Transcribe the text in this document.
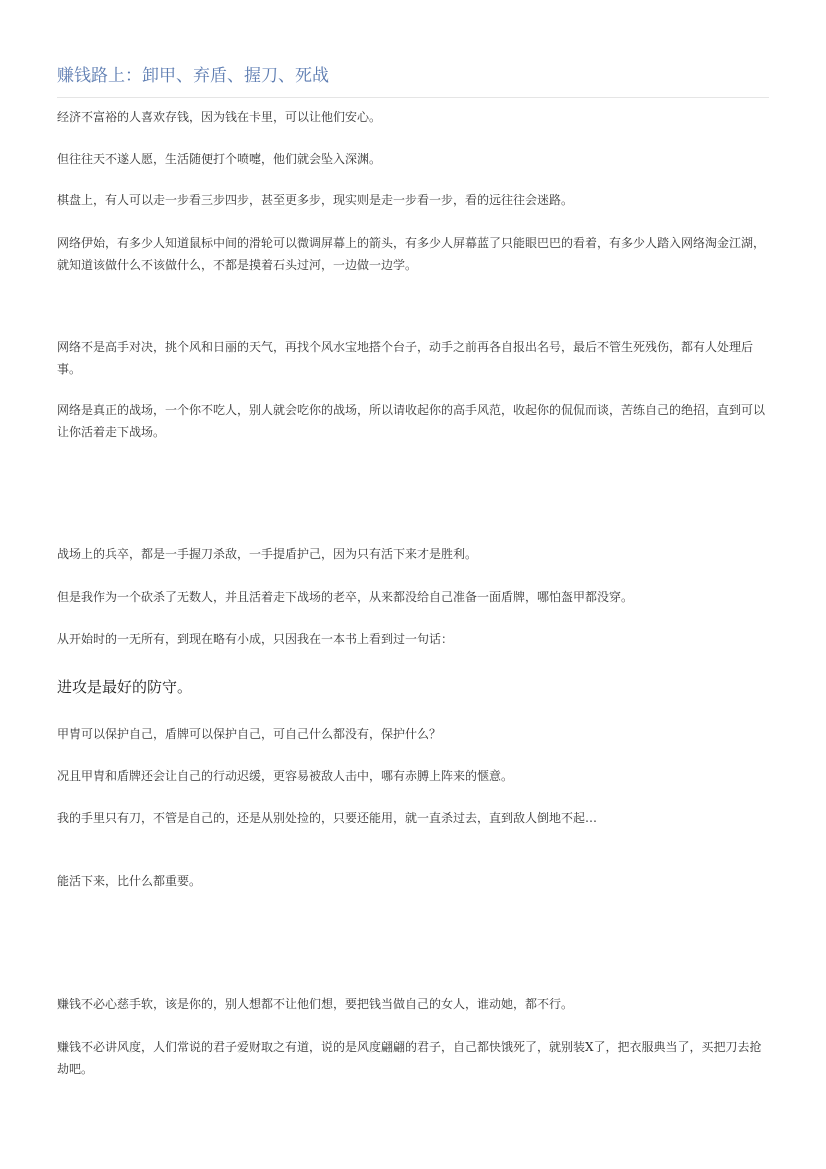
赚钱路上：卸甲、弃盾、握刀、死战

经济不富裕的人喜欢存钱，因为钱在卡里，可以让他们安心。

但往往天不遂人愿，生活随便打个喷嚏，他们就会坠入深渊。

棋盘上，有人可以走一步看三步四步，甚至更多步，现实则是走一步看一步，看的远往往会迷路。

网络伊始，有多少人知道鼠标中间的滑轮可以微调屏幕上的箭头，有多少人屏幕蓝了只能眼巴巴的看着，有多少人踏入网络淘金江湖，就知道该做什么不该做什么，不都是摸着石头过河，一边做一边学。

网络不是高手对决，挑个风和日丽的天气，再找个风水宝地搭个台子，动手之前再各自报出名号，最后不管生死残伤，都有人处理后事。

网络是真正的战场，一个你不吃人，别人就会吃你的战场，所以请收起你的高手风范，收起你的侃侃而谈，苦练自己的绝招，直到可以让你活着走下战场。

战场上的兵卒，都是一手握刀杀敌，一手提盾护己，因为只有活下来才是胜利。

但是我作为一个砍杀了无数人，并且活着走下战场的老卒，从来都没给自己准备一面盾牌，哪怕盔甲都没穿。

从开始时的一无所有，到现在略有小成，只因我在一本书上看到过一句话：

进攻是最好的防守。

甲胄可以保护自己，盾牌可以保护自己，可自己什么都没有，保护什么？

况且甲胄和盾牌还会让自己的行动迟缓，更容易被敌人击中，哪有赤膊上阵来的惬意。

我的手里只有刀，不管是自己的，还是从别处捡的，只要还能用，就一直杀过去，直到敌人倒地不起…

能活下来，比什么都重要。

赚钱不必心慈手软，该是你的，别人想都不让他们想，要把钱当做自己的女人，谁动她，都不行。

赚钱不必讲风度，人们常说的君子爱财取之有道，说的是风度翩翩的君子，自己都快饿死了，就别装X了，把衣服典当了，买把刀去抢劫吧。
